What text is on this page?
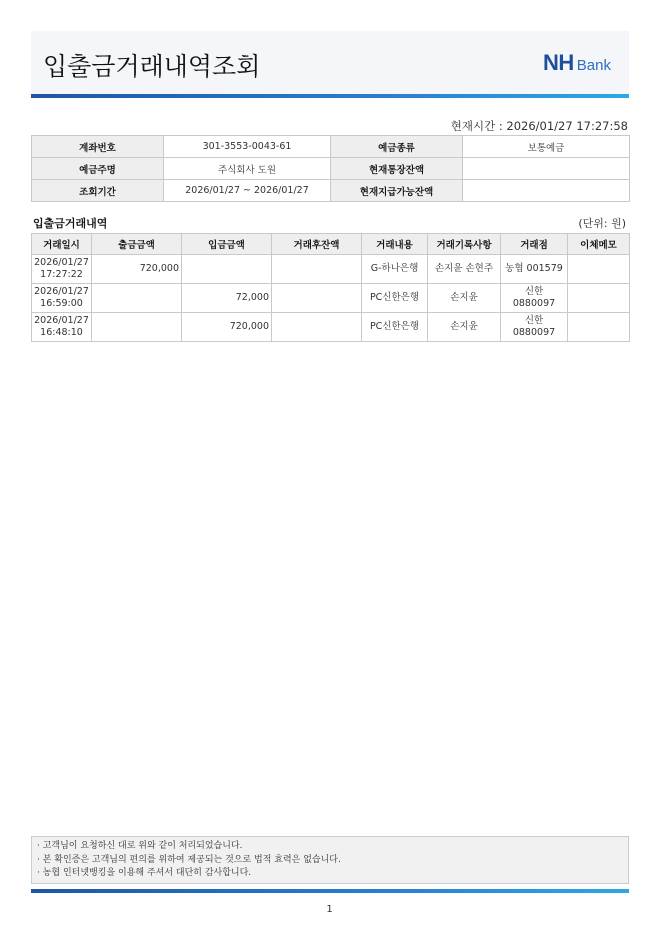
입출금거래내역조회	NH Bank
현재시간 : 2026/01/27 17:27:58
계좌번호	301-3553-0043-61	예금종류	보통예금
예금주명	주식회사 도원	현재통장잔액	
조회기간	2026/01/27 ~ 2026/01/27	현재지급가능잔액	
입출금거래내역	(단위: 원)
거래일시	출금금액	입금금액	거래후잔액	거래내용	거래기록사항	거래점	이체메모
2026/01/27
17:27:22	720,000			G-하나은행	손지윤 손현주	농협 001579	
2026/01/27
16:59:00		72,000		PC신한은행	손지윤	신한
0880097	
2026/01/27
16:48:10		720,000		PC신한은행	손지윤	신한
0880097	
· 고객님이 요청하신 대로 위와 같이 처리되었습니다.
· 본 확인증은 고객님의 편의를 위하여 제공되는 것으로 법적 효력은 없습니다.
· 농협 인터넷뱅킹을 이용해 주셔서 대단히 감사합니다.
1
